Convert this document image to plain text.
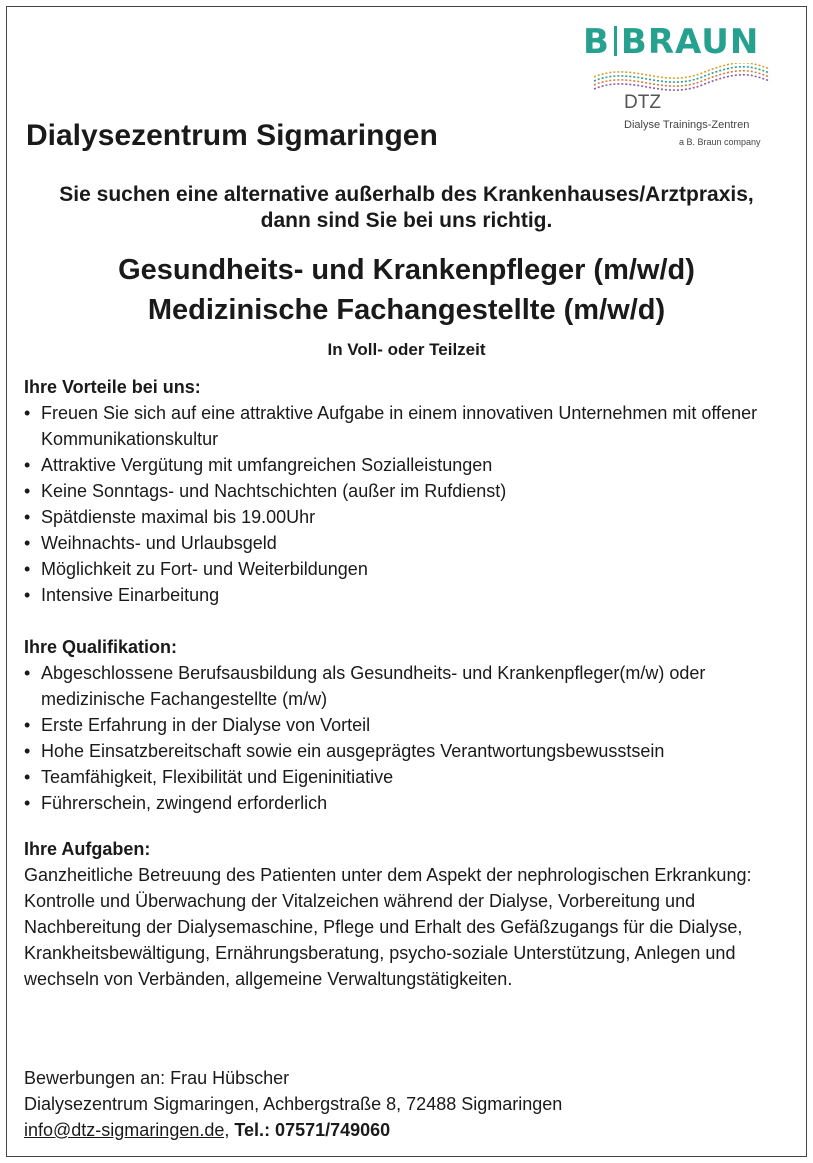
B BRAUN
DTZ
Dialyse Trainings-Zentren
a B. Braun company
Dialysezentrum Sigmaringen
Sie suchen eine alternative außerhalb des Krankenhauses/Arztpraxis,
dann sind Sie bei uns richtig.
Gesundheits- und Krankenpfleger (m/w/d)
Medizinische Fachangestellte (m/w/d)
In Voll- oder Teilzeit
Ihre Vorteile bei uns:
• Freuen Sie sich auf eine attraktive Aufgabe in einem innovativen Unternehmen mit offener Kommunikationskultur
• Attraktive Vergütung mit umfangreichen Sozialleistungen
• Keine Sonntags- und Nachtschichten (außer im Rufdienst)
• Spätdienste maximal bis 19.00Uhr
• Weihnachts- und Urlaubsgeld
• Möglichkeit zu Fort- und Weiterbildungen
• Intensive Einarbeitung
Ihre Qualifikation:
• Abgeschlossene Berufsausbildung als Gesundheits- und Krankenpfleger(m/w) oder medizinische Fachangestellte (m/w)
• Erste Erfahrung in der Dialyse von Vorteil
• Hohe Einsatzbereitschaft sowie ein ausgeprägtes Verantwortungsbewusstsein
• Teamfähigkeit, Flexibilität und Eigeninitiative
• Führerschein, zwingend erforderlich
Ihre Aufgaben:

Ganzheitliche Betreuung des Patienten unter dem Aspekt der nephrologischen Erkrankung:

Kontrolle und Überwachung der Vitalzeichen während der Dialyse, Vorbereitung und Nachbereitung der Dialysemaschine, Pflege und Erhalt des Gefäßzugangs für die Dialyse, Krankheitsbewältigung, Ernährungsberatung, psycho-soziale Unterstützung, Anlegen und wechseln von Verbänden, allgemeine Verwaltungstätigkeiten.

Bewerbungen an: Frau Hübscher

Dialysezentrum Sigmaringen, Achbergstraße 8, 72488 Sigmaringen

info@dtz-sigmaringen.de, Tel.: 07571/749060
